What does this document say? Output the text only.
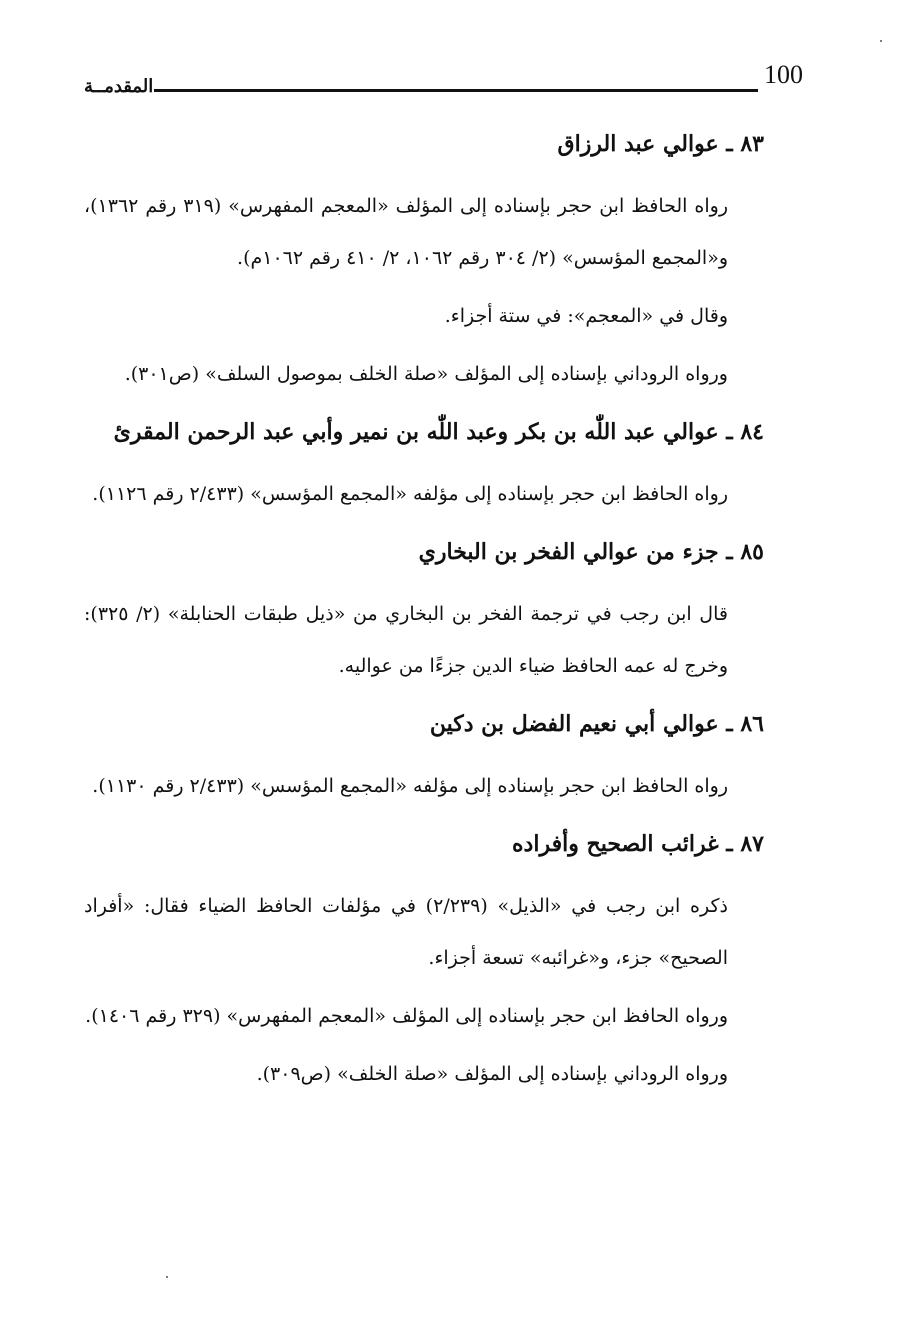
100
المقدمــة
٨٣ ـ عوالي عبد الرزاق

رواه الحافظ ابن حجر بإسناده إلى المؤلف «المعجم المفهرس» (٣١٩ رقم ١٣٦٢)، و«المجمع المؤسس» (٢/ ٣٠٤ رقم ١٠٦٢، ٢/ ٤١٠ رقم ١٠٦٢م).

وقال في «المعجم»: في ستة أجزاء.

ورواه الروداني بإسناده إلى المؤلف «صلة الخلف بموصول السلف» (ص٣٠١).

٨٤ ـ عوالي عبد اللّٰه بن بكر وعبد اللّٰه بن نمير وأبي عبد الرحمن المقرئ

رواه الحافظ ابن حجر بإسناده إلى مؤلفه «المجمع المؤسس» (٢/٤٣٣ رقم ١١٢٦).

٨٥ ـ جزء من عوالي الفخر بن البخاري

قال ابن رجب في ترجمة الفخر بن البخاري من «ذيل طبقات الحنابلة» (٢/ ٣٢٥): وخرج له عمه الحافظ ضياء الدين جزءًا من عواليه.

٨٦ ـ عوالي أبي نعيم الفضل بن دكين

رواه الحافظ ابن حجر بإسناده إلى مؤلفه «المجمع المؤسس» (٢/٤٣٣ رقم ١١٣٠).

٨٧ ـ غرائب الصحيح وأفراده

ذكره ابن رجب في «الذيل» (٢/٢٣٩) في مؤلفات الحافظ الضياء فقال: «أفراد الصحيح» جزء، و«غرائبه» تسعة أجزاء.

ورواه الحافظ ابن حجر بإسناده إلى المؤلف «المعجم المفهرس» (٣٢٩ رقم ١٤٠٦).

ورواه الروداني بإسناده إلى المؤلف «صلة الخلف» (ص٣٠٩).
